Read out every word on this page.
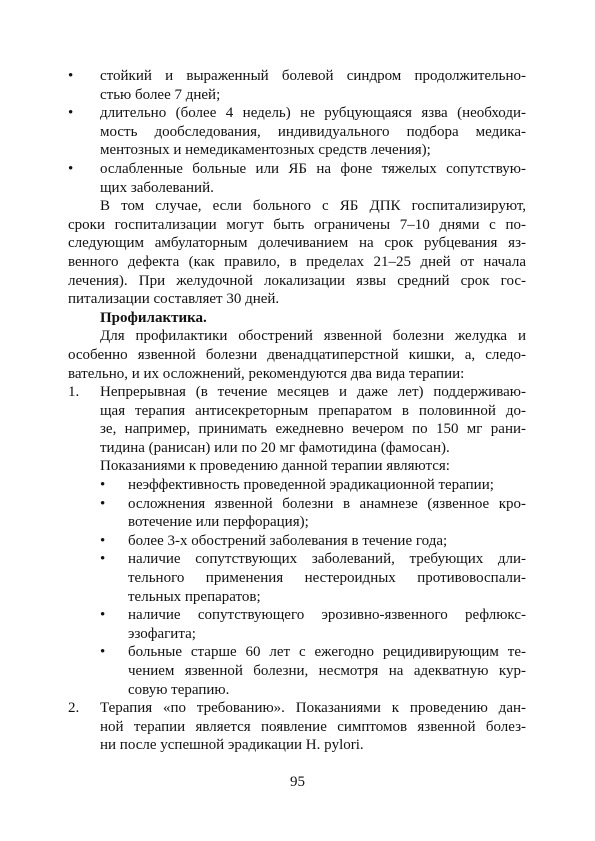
• стойкий и выраженный болевой синдром продолжительно-
стью более 7 дней;
• длительно (более 4 недель) не рубцующаяся язва (необходи-
мость дообследования, индивидуального подбора медика-
ментозных и немедикаментозных средств лечения);
• ослабленные больные или ЯБ на фоне тяжелых сопутствую-
щих заболеваний.
В том случае, если больного с ЯБ ДПК госпитализируют,
сроки госпитализации могут быть ограничены 7–10 днями с по-
следующим амбулаторным долечиванием на срок рубцевания яз-
венного дефекта (как правило, в пределах 21–25 дней от начала
лечения). При желудочной локализации язвы средний срок гос-
питализации составляет 30 дней.
Профилактика.
Для профилактики обострений язвенной болезни желудка и
особенно язвенной болезни двенадцатиперстной кишки, а, следо-
вательно, и их осложнений, рекомендуются два вида терапии:
1. Непрерывная (в течение месяцев и даже лет) поддерживаю-
щая терапия антисекреторным препаратом в половинной до-
зе, например, принимать ежедневно вечером по 150 мг рани-
тидина (ранисан) или по 20 мг фамотидина (фамосан).
Показаниями к проведению данной терапии являются:
• неэффективность проведенной эрадикационной терапии;
• осложнения язвенной болезни в анамнезе (язвенное кро-
вотечение или перфорация);
• более 3-х обострений заболевания в течение года;
• наличие сопутствующих заболеваний, требующих дли-
тельного применения нестероидных противовоспали-
тельных препаратов;
• наличие сопутствующего эрозивно-язвенного рефлюкс-
эзофагита;
• больные старше 60 лет с ежегодно рецидивирующим те-
чением язвенной болезни, несмотря на адекватную кур-
совую терапию.
2. Терапия «по требованию». Показаниями к проведению дан-
ной терапии является появление симптомов язвенной болез-
ни после успешной эрадикации H. pylori.
95
